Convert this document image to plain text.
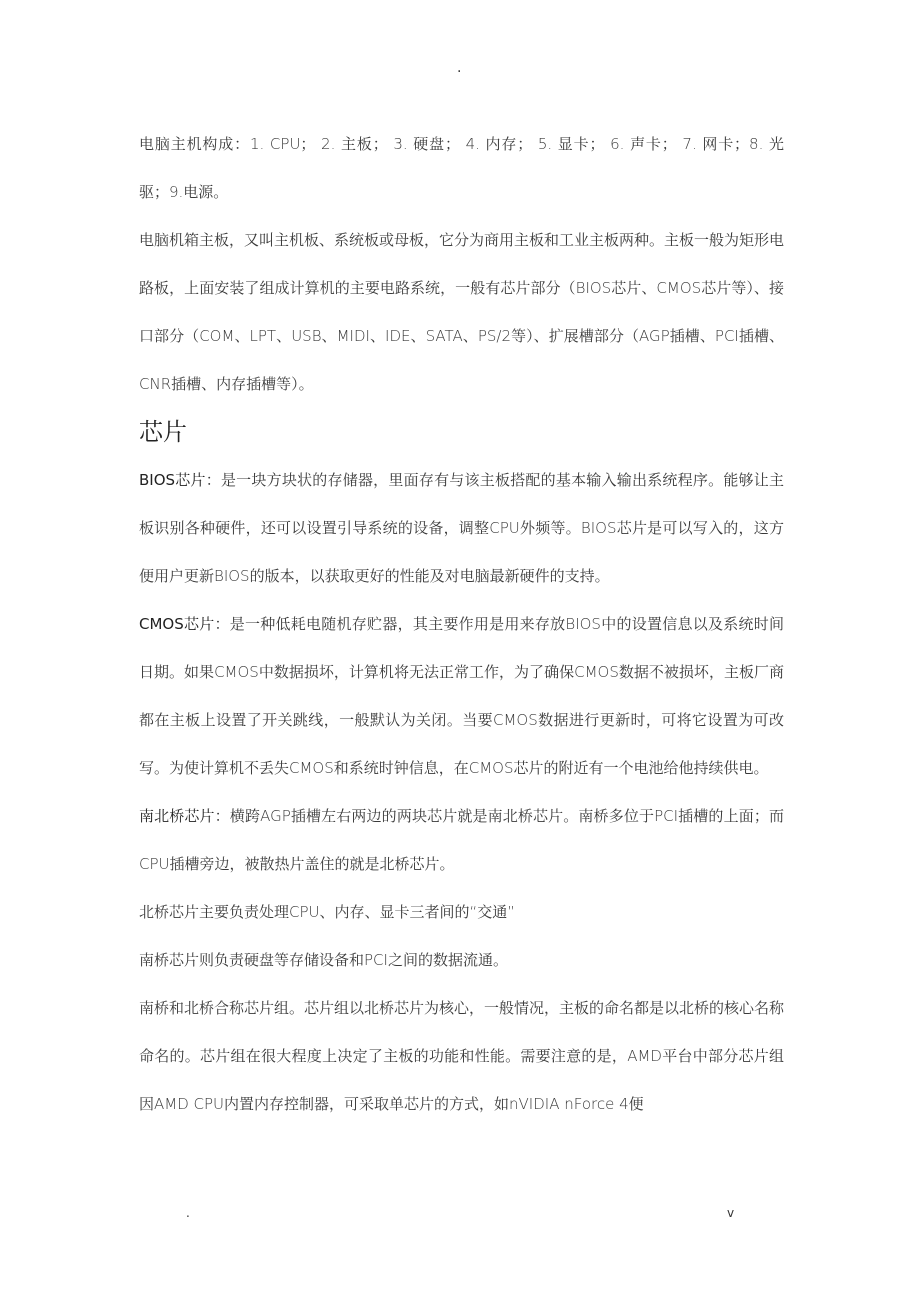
.

电脑主机构成：1. CPU； 2. 主板； 3. 硬盘； 4. 内存； 5. 显卡； 6. 声卡； 7. 网卡；8. 光驱；9.电源。

电脑机箱主板，又叫主机板、系统板或母板，它分为商用主板和工业主板两种。主板一般为矩形电路板，上面安装了组成计算机的主要电路系统，一般有芯片部分（BIOS芯片、CMOS芯片等）、接口部分（COM、LPT、USB、MIDI、IDE、SATA、PS/2等）、扩展槽部分（AGP插槽、PCI插槽、CNR插槽、内存插槽等）。

芯片

BIOS芯片：是一块方块状的存储器，里面存有与该主板搭配的基本输入输出系统程序。能够让主板识别各种硬件，还可以设置引导系统的设备，调整CPU外频等。BIOS芯片是可以写入的，这方便用户更新BIOS的版本，以获取更好的性能及对电脑最新硬件的支持。

CMOS芯片：是一种低耗电随机存贮器，其主要作用是用来存放BIOS中的设置信息以及系统时间日期。如果CMOS中数据损坏，计算机将无法正常工作，为了确保CMOS数据不被损坏，主板厂商都在主板上设置了开关跳线，一般默认为关闭。当要CMOS数据进行更新时，可将它设置为可改写。为使计算机不丢失CMOS和系统时钟信息，在CMOS芯片的附近有一个电池给他持续供电。

南北桥芯片：横跨AGP插槽左右两边的两块芯片就是南北桥芯片。南桥多位于PCI插槽的上面；而CPU插槽旁边，被散热片盖住的就是北桥芯片。

北桥芯片主要负责处理CPU、内存、显卡三者间的“交通”

南桥芯片则负责硬盘等存储设备和PCI之间的数据流通。

南桥和北桥合称芯片组。芯片组以北桥芯片为核心，一般情况，主板的命名都是以北桥的核心名称命名的。芯片组在很大程度上决定了主板的功能和性能。需要注意的是，AMD平台中部分芯片组因AMD CPU内置内存控制器，可采取单芯片的方式，如nVIDIA nForce 4便

.	v
